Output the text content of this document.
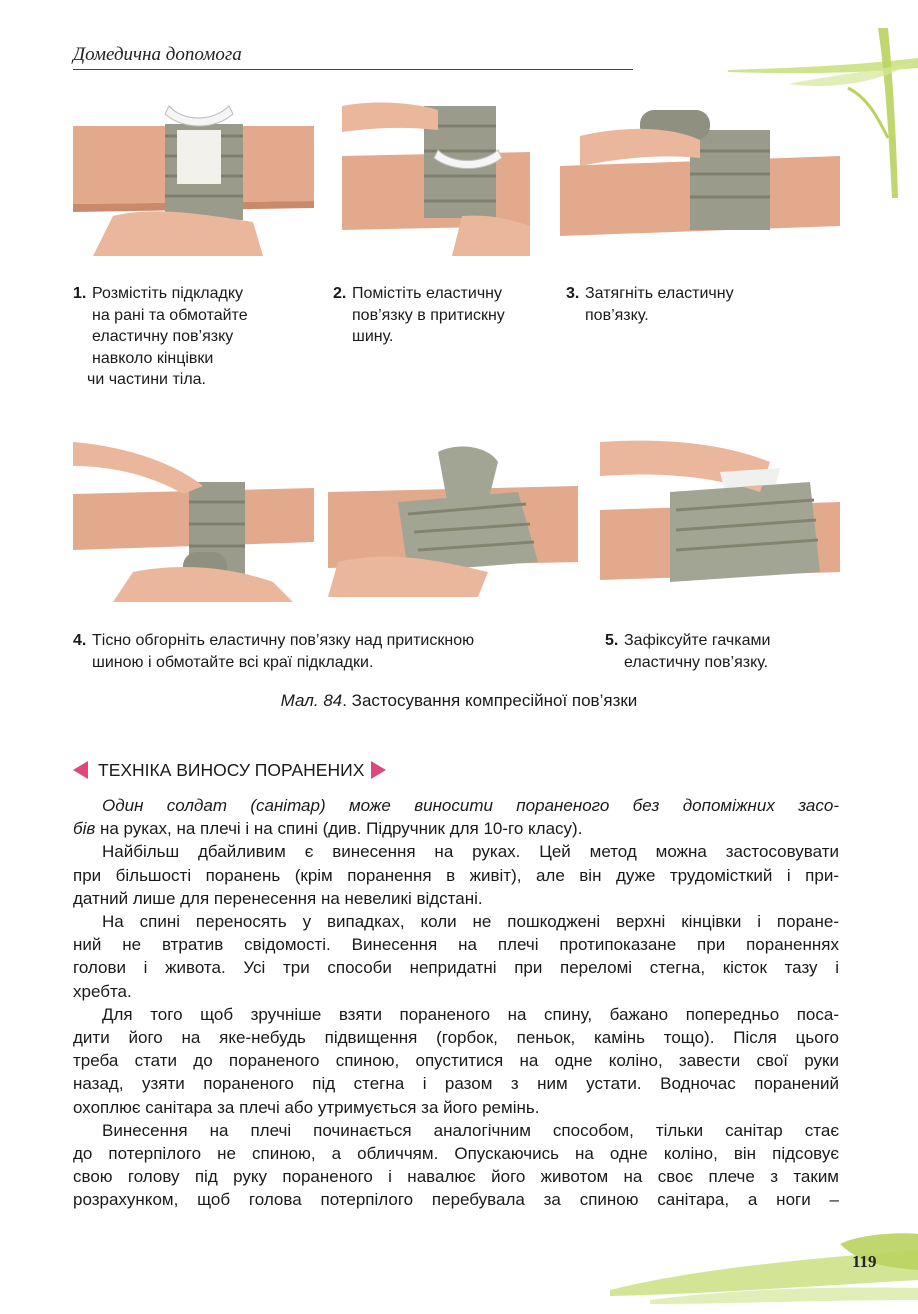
Домедична допомога
1. Розмістіть підкладку
на рані та обмотайте
еластичну пов’язку
навколо кінцівки
чи частини тіла.
2. Помістіть еластичну
пов’язку в притискну
шину.
3. Затягніть еластичну
пов’язку.
4. Тісно обгорніть еластичну пов’язку над притискною
шиною і обмотайте всі краї підкладки.
5. Зафіксуйте гачками
еластичну пов’язку.
Мал. 84. Застосування компресійної пов’язки
ТЕХНІКА ВИНОСУ ПОРАНЕНИХ

Один солдат (санітар) може виносити пораненого без допоміжних засо-
бів на руках, на плечі і на спині (див. Підручник для 10-го класу).

Найбільш дбайливим є винесення на руках. Цей метод можна застосовувати
при більшості поранень (крім поранення в живіт), але він дуже трудомісткий і при-
датний лише для перенесення на невеликі відстані.

На спині переносять у випадках, коли не пошкоджені верхні кінцівки і поране-
ний не втратив свідомості. Винесення на плечі протипоказане при пораненнях
голови і живота. Усі три способи непридатні при переломі стегна, кісток тазу і
хребта.

Для того щоб зручніше взяти пораненого на спину, бажано попередньо поса-
дити його на яке-небудь підвищення (горбок, пеньок, камінь тощо). Після цього
треба стати до пораненого спиною, опуститися на одне коліно, завести свої руки
назад, узяти пораненого під стегна і разом з ним устати. Водночас поранений
охоплює санітара за плечі або утримується за його ремінь.

Винесення на плечі починається аналогічним способом, тільки санітар стає
до потерпілого не спиною, а обличчям. Опускаючись на одне коліно, він підсовує
свою голову під руку пораненого і навалює його животом на своє плече з таким
розрахунком, щоб голова потерпілого перебувала за спиною санітара, а ноги –

119
